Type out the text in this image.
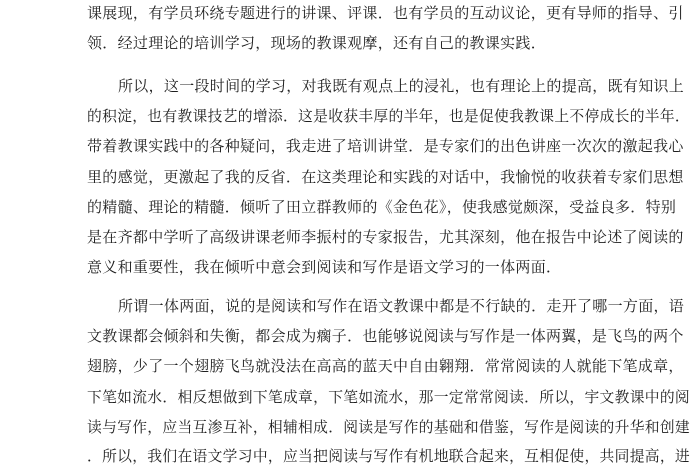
课展现，有学员环绕专题进行的讲课、评课．也有学员的互动议论，更有导师的指导、引
领．经过理论的培训学习，现场的教课观摩，还有自己的教课实践．
所以，这一段时间的学习，对我既有观点上的浸礼，也有理论上的提高，既有知识上
的积淀，也有教课技艺的增添．这是收获丰厚的半年，也是促使我教课上不停成长的半年．
带着教课实践中的各种疑问，我走进了培训讲堂．是专家们的出色讲座一次次的激起我心
里的感觉，更激起了我的反省．在这类理论和实践的对话中，我愉悦的收获着专家们思想
的精髓、理论的精髓．倾听了田立群教师的《金色花》，使我感觉颇深，受益良多．特别
是在齐都中学听了高级讲课老师李振村的专家报告，尤其深刻，他在报告中论述了阅读的
意义和重要性，我在倾听中意会到阅读和写作是语文学习的一体两面．
所谓一体两面，说的是阅读和写作在语文教课中都是不行缺的．走开了哪一方面，语
文教课都会倾斜和失衡，都会成为瘸子．也能够说阅读与写作是一体两翼，是飞鸟的两个
翅膀，少了一个翅膀飞鸟就没法在高高的蓝天中自由翱翔．常常阅读的人就能下笔成章，
下笔如流水．相反想做到下笔成章，下笔如流水，那一定常常阅读．所以，宇文教课中的阅
读与写作，应当互渗互补，相辅相成．阅读是写作的基础和借鉴，写作是阅读的升华和创建
．所以，我们在语文学习中，应当把阅读与写作有机地联合起来，互相促使，共同提高，进
